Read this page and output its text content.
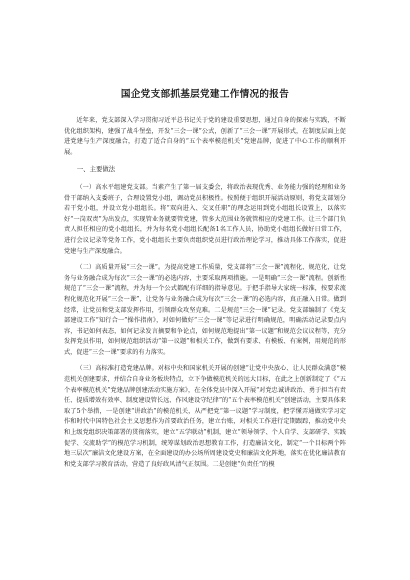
国企党支部抓基层党建工作情况的报告

近年来，党支部深入学习贯彻习近平总书记关于党的建设重要思想，通过自身的探索与实践，不断优化组织架构，建强了战斗堡垒，开发“三会一课”公式，创新了“三会一课”开展形式，在制度层面上促进党建与生产深度融合，打造了适合自身的“五个表率模范机关”党建品牌，促进了中心工作的顺利开展。

一、主要做法

（一）高水平组建党支部。当素产生了第一届支委会，将政治表现优秀、业务能力强的经理和业务骨干部纳入支委班子，合理设置党小组，调动党员积极性。按照便于组织开展活动原则，将党支部划分若干党小组，并设立党小组组长。将“双向进入、交叉任职”的理念运用到党小组组长设置上，以落实好“一岗双责”为出发点，实现管业务就要管党建，管多大范围业务就管相应的党建工作。让三个部门负责人担任相应的党小组组长，并为每名党小组组长配备1名工作人员，协助党小组组长做好日常工作，进行会议记录等党务工作，党小组组长主要负责组织党员进行政治理论学习，推动具体工作落实，促进党建与生产深度融合。

（二）高质量开展“三会一课”。为提高党建工作质量，党支部将“三会一课”流程化、规范化，让党务与业务融合成为每次“三会一课”的必选内容，主要采取两项措施。一是明确“三会一课”流程。创新性规范了“三会一课”流程，并为每一个公式都配有详细的指导意见。于把手指导大家统一标准，按要求流程化规范化开展“三会一课”，让党务与业务融合成为每次“三会一课”的必选内容，真正融入日常。做到经常，让党员和党支部发挥作用，引领群众攻坚克难。二是规范“三会一课”记录。党支部编制了《党支部建设工作“知行合一”操作指南》，对如何做好“三会一课”等记录进行明确规范，明确活动记录要点内容，书记如何表态，如何记录发言摘要和争论点，如何规范地提出“第一议题”和规范会议议程等，充分发挥党员作用，如何规范组织活动“第一议题”和相关工作，做到有要求、有模板、有案例，用规范的形式，促进“三会一课”要求的有力落实。

（三）高标准打造党建品牌。对标中央和国家机关开展的创建“让党中央放心、让人民群众满意”模范机关创建要求，并结合自身业务板块特点，立下争做模范机关的远大目标，在此之上创新制定了《“五个表率模范机关”党建品牌创建活动实施方案》，在全体党员中深入开展“对党忠诚讲政治、勇于担当有责任、提质增效有效率、制度建设管长远、作风建设守纪律”的“五个表率模范机关”创建活动，主要具体来取了5个举措，一是创建“讲政治”的模范机关，从严把党“第一议题”学习制度，把学懂弄通做实学习定作和时代中国特色社会主义思想作为首要政治任务，建立台账，对相关工作进行定期跟踪，推动党中央和上级党组织决策部署的贯彻落实，建立“五学联动”机制，建立“领导领学、个人自学、支部研学、实践促学、交流助学”的模范学习机制，统筹谋划政治思想教育工作，打造廉洁文化，制定“一个目标两个阵地三层次”廉洁文化建设方案，在全面建设的办公场所周建设党史和廉洁文化阵地，落实在优化廉洁教育和党支部学习教育活动，营造了良好政风清气正氛围。二是创建“负责任”的模
